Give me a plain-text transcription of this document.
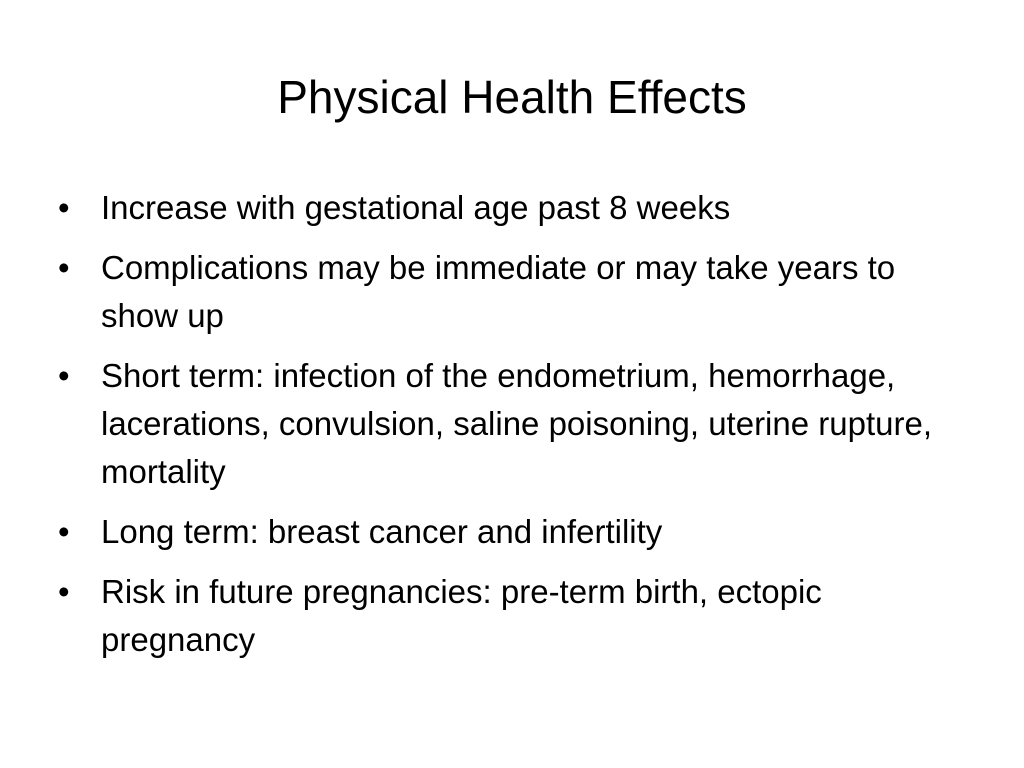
Physical Health Effects
• Increase with gestational age past 8 weeks
• Complications may be immediate or may take years to show up
• Short term: infection of the endometrium, hemorrhage, lacerations, convulsion, saline poisoning, uterine rupture, mortality
• Long term: breast cancer and infertility
• Risk in future pregnancies: pre-term birth, ectopic pregnancy
